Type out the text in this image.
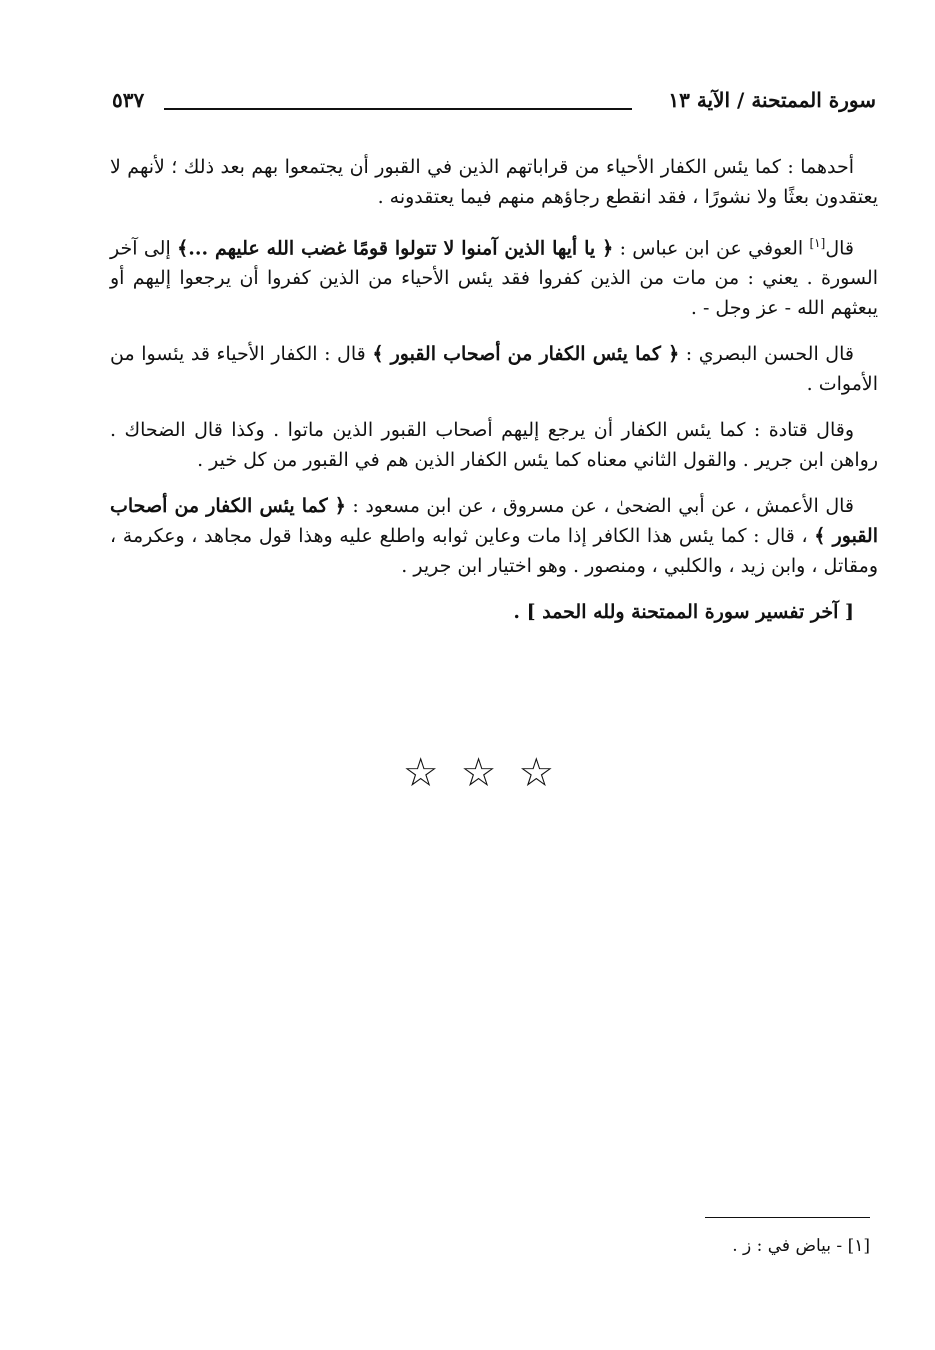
سورة الممتحنة / الآية ١٣
٥٣٧

أحدهما : كما يئس الكفار الأحياء من قراباتهم الذين في القبور أن يجتمعوا بهم بعد ذلك ؛ لأنهم لا يعتقدون بعثًا ولا نشورًا ، فقد انقطع رجاؤهم منهم فيما يعتقدونه .

قال[١] العوفي عن ابن عباس : ﴿ يا أيها الذين آمنوا لا تتولوا قومًا غضب الله عليهم ...﴾ إلى آخر السورة . يعني : من مات من الذين كفروا فقد يئس الأحياء من الذين كفروا أن يرجعوا إليهم أو يبعثهم الله - عز وجل - .

قال الحسن البصري : ﴿ كما يئس الكفار من أصحاب القبور ﴾ قال : الكفار الأحياء قد يئسوا من الأموات .

وقال قتادة : كما يئس الكفار أن يرجع إليهم أصحاب القبور الذين ماتوا . وكذا قال الضحاك . رواهن ابن جرير . والقول الثاني معناه كما يئس الكفار الذين هم في القبور من كل خير .

قال الأعمش ، عن أبي الضحىٰ ، عن مسروق ، عن ابن مسعود : ﴿ كما يئس الكفار من أصحاب القبور ﴾ ، قال : كما يئس هذا الكافر إذا مات وعاين ثوابه واطلع عليه وهذا قول مجاهد ، وعكرمة ، ومقاتل ، وابن زيد ، والكلبي ، ومنصور . وهو اختيار ابن جرير .

[ آخر تفسير سورة الممتحنة ولله الحمد ] .

☆☆☆
[١] - بياض في : ز .
